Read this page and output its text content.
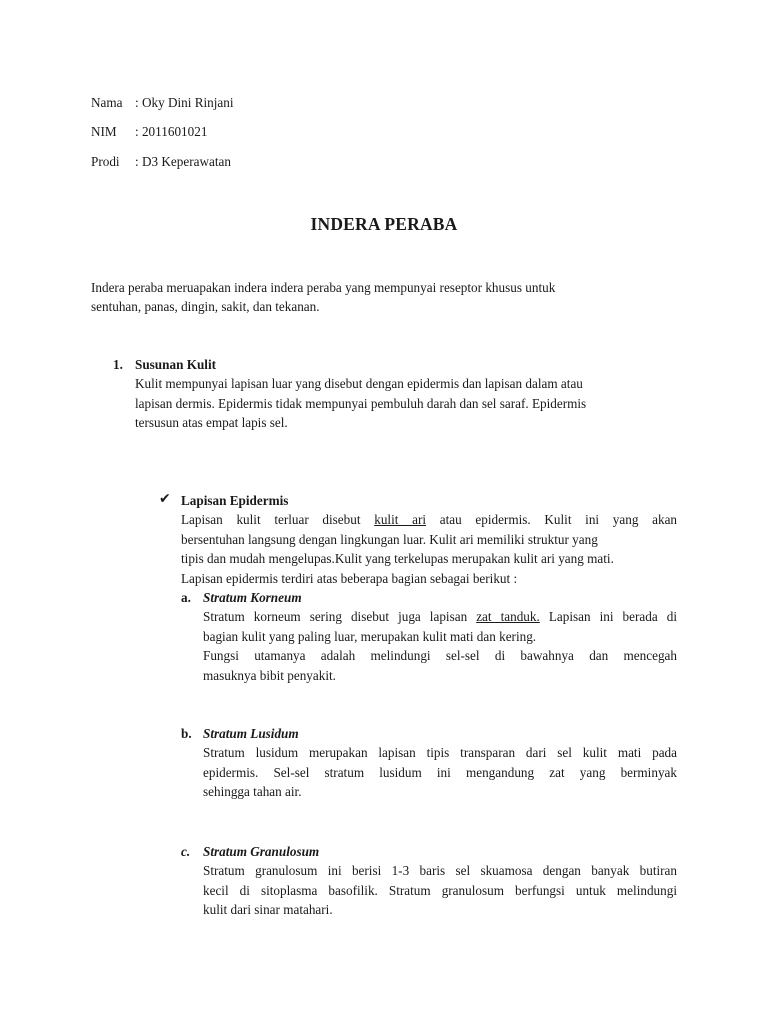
Nama : Oky Dini Rinjani
NIM : 2011601021
Prodi : D3 Keperawatan
INDERA PERABA
Indera peraba meruapakan indera indera peraba yang mempunyai reseptor khusus untuk
sentuhan, panas, dingin, sakit, dan tekanan.
1. Susunan Kulit
Kulit mempunyai lapisan luar yang disebut dengan epidermis dan lapisan dalam atau
lapisan dermis. Epidermis tidak mempunyai pembuluh darah dan sel saraf. Epidermis
tersusun atas empat lapis sel.
✔ Lapisan Epidermis
Lapisan kulit terluar disebut kulit ari atau epidermis. Kulit ini yang akan
bersentuhan langsung dengan lingkungan luar. Kulit ari memiliki struktur yang
tipis dan mudah mengelupas.Kulit yang terkelupas merupakan kulit ari yang mati.
Lapisan epidermis terdiri atas beberapa bagian sebagai berikut :
a. Stratum Korneum
Stratum korneum sering disebut juga lapisan zat tanduk. Lapisan ini berada di
bagian kulit yang paling luar, merupakan kulit mati dan kering.
Fungsi utamanya adalah melindungi sel-sel di bawahnya dan mencegah
masuknya bibit penyakit.
b. Stratum Lusidum
Stratum lusidum merupakan lapisan tipis transparan dari sel kulit mati pada
epidermis. Sel-sel stratum lusidum ini mengandung zat yang berminyak
sehingga tahan air.
c. Stratum Granulosum
Stratum granulosum ini berisi 1-3 baris sel skuamosa dengan banyak butiran
kecil di sitoplasma basofilik. Stratum granulosum berfungsi untuk melindungi
kulit dari sinar matahari.
